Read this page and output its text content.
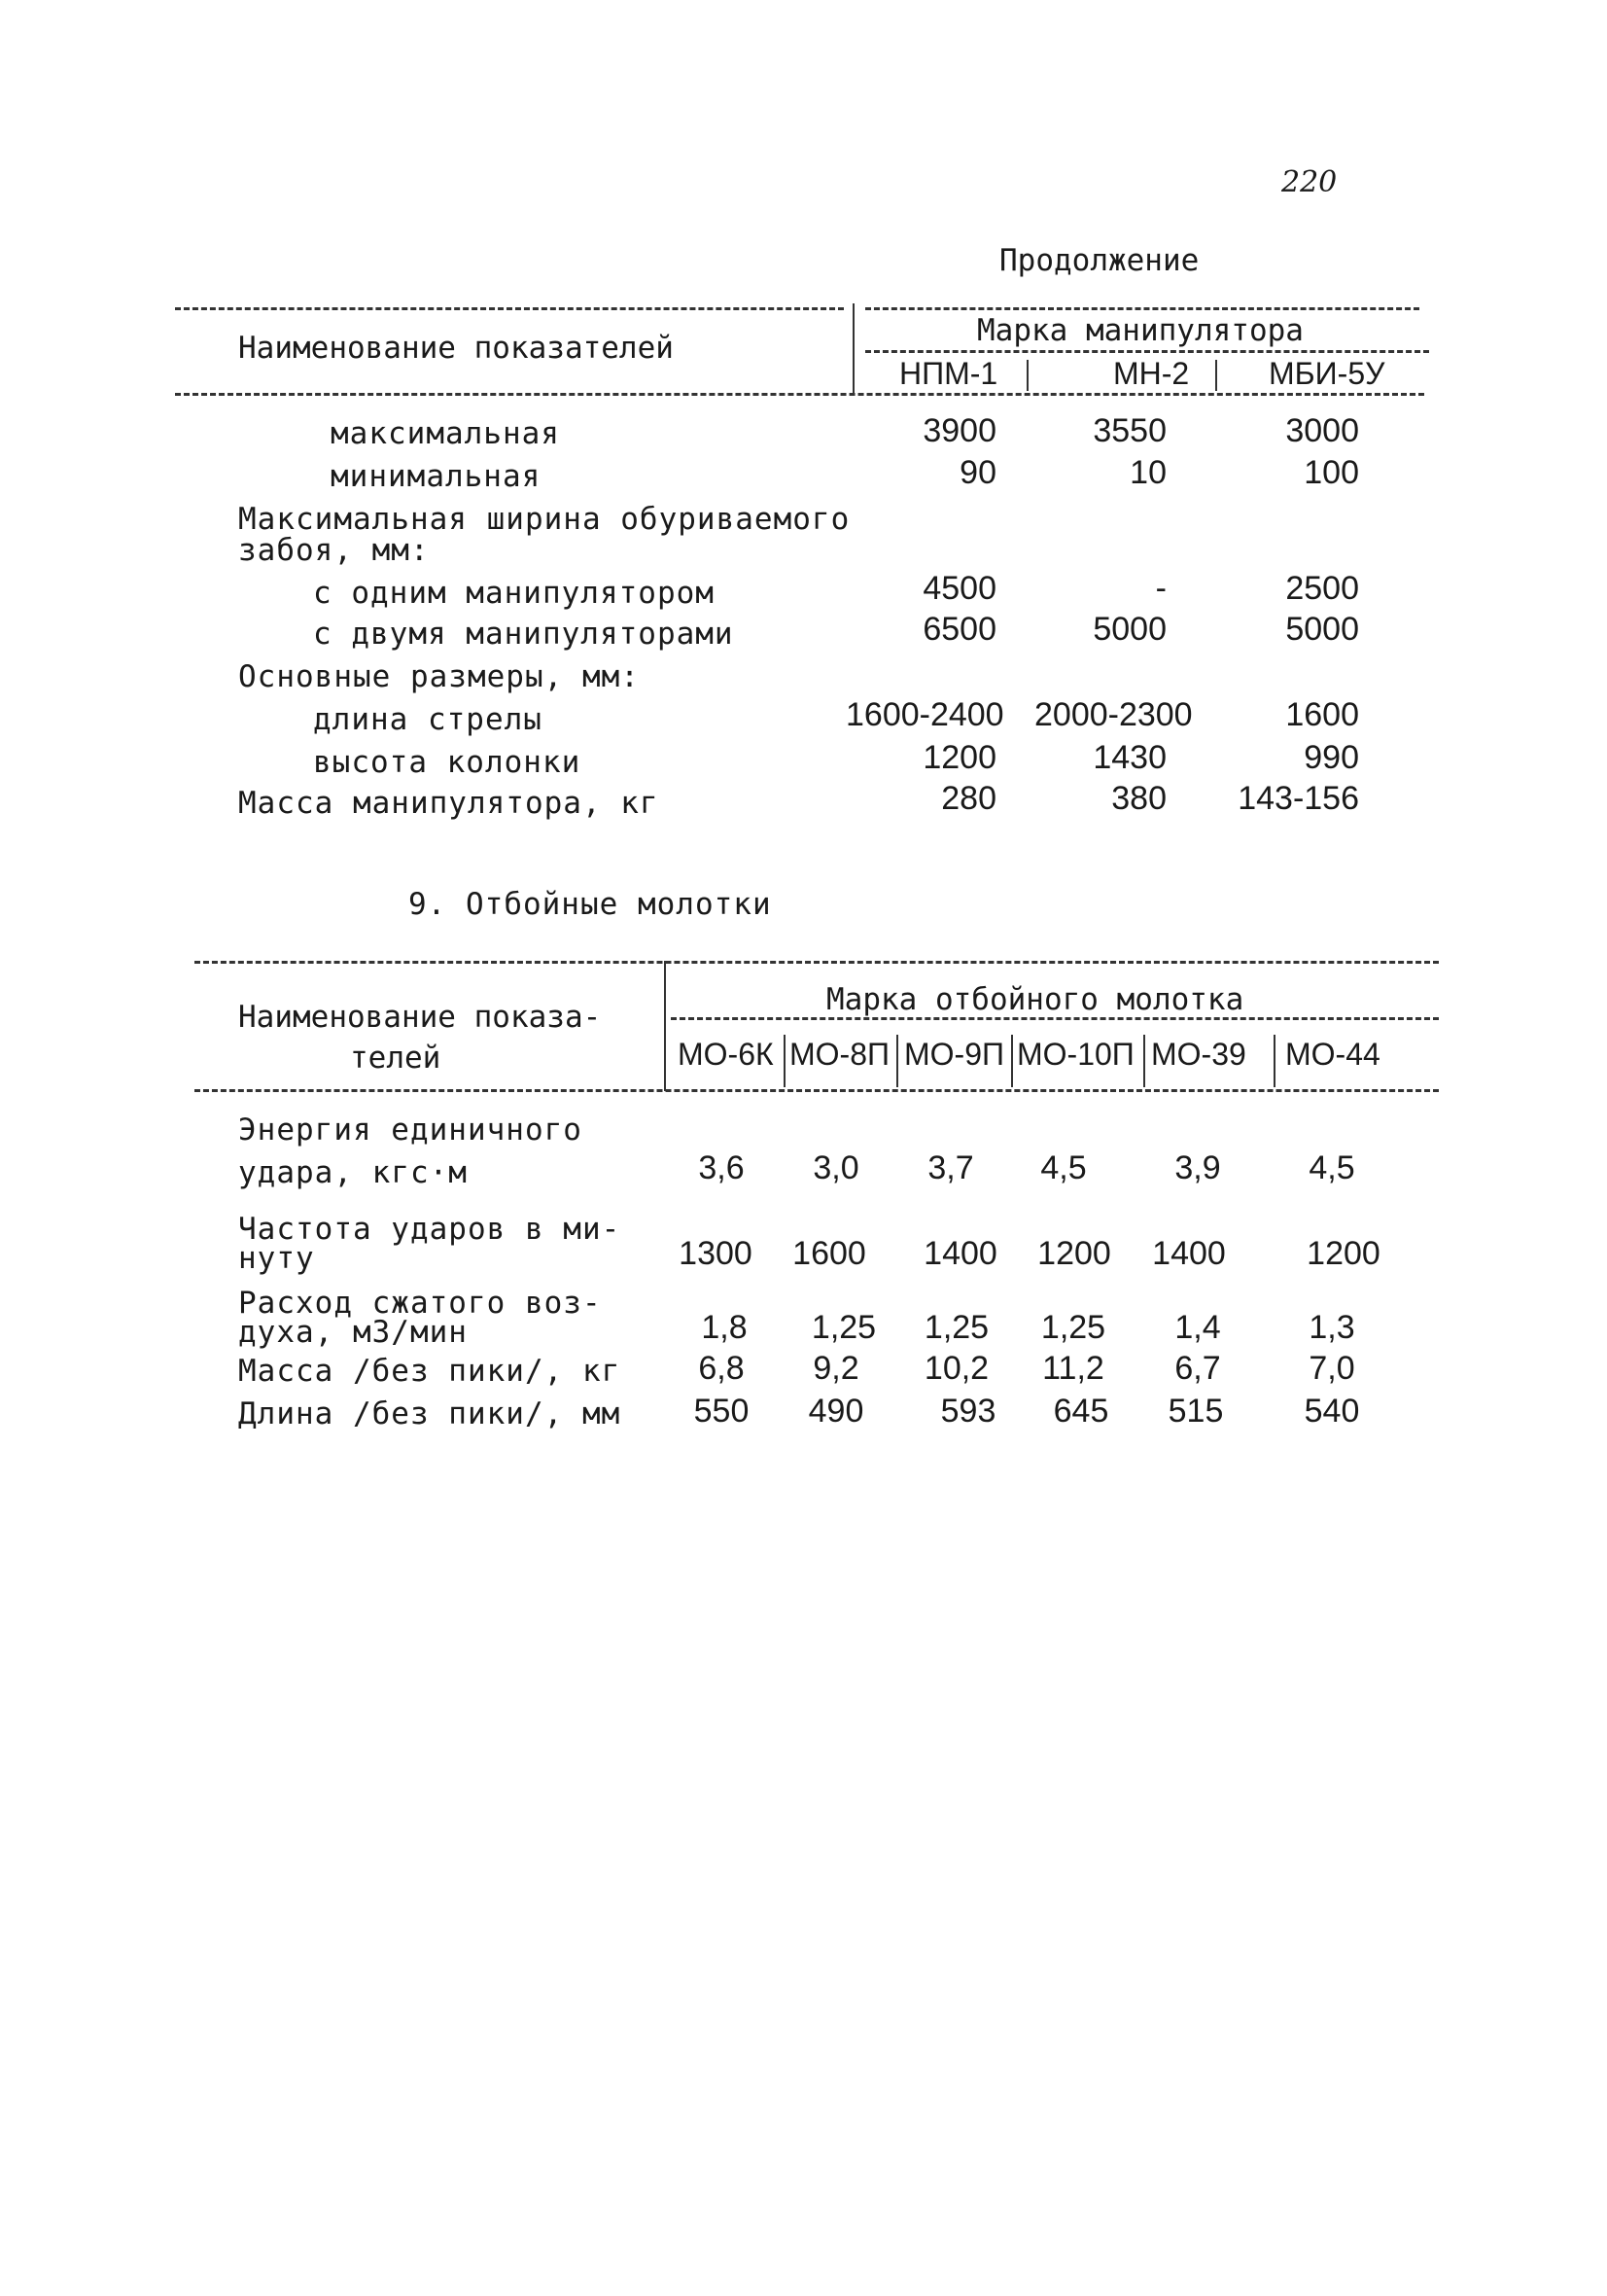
220
Продолжение
Наименование показателей	Марка манипулятора
НПМ-1	МН-2	МБИ-5У
максимальная	3900	3550	3000
минимальная	90	10	100
Максимальная ширина обуриваемого
забоя, мм:
с одним манипулятором	4500	-	2500
с двумя манипуляторами	6500	5000	5000
Основные размеры, мм:
длина стрелы	1600-2400 2000-2300	1600
высота колонки	1200	1430	990
Масса манипулятора, кг	280	380	143-156
9. Отбойные молотки
Наименование показа-
телей
Марка отбойного молотка
МО-6К МО-8П МО-9П МО-10П МО-39 МО-44
Энергия единичного
удара, кгс·м	3,6	3,0	3,7	4,5	3,9	4,5
Частота ударов в ми-
нуту	1300	1600	1400	1200	1400	1200
Расход сжатого воз-
духа, м3/мин	1,8	1,25	1,25	1,25	1,4	1,3
Масса /без пики/, кг	6,8	9,2	10,2	11,2	6,7	7,0
Длина /без пики/, мм	550	490	593	645	515	540
